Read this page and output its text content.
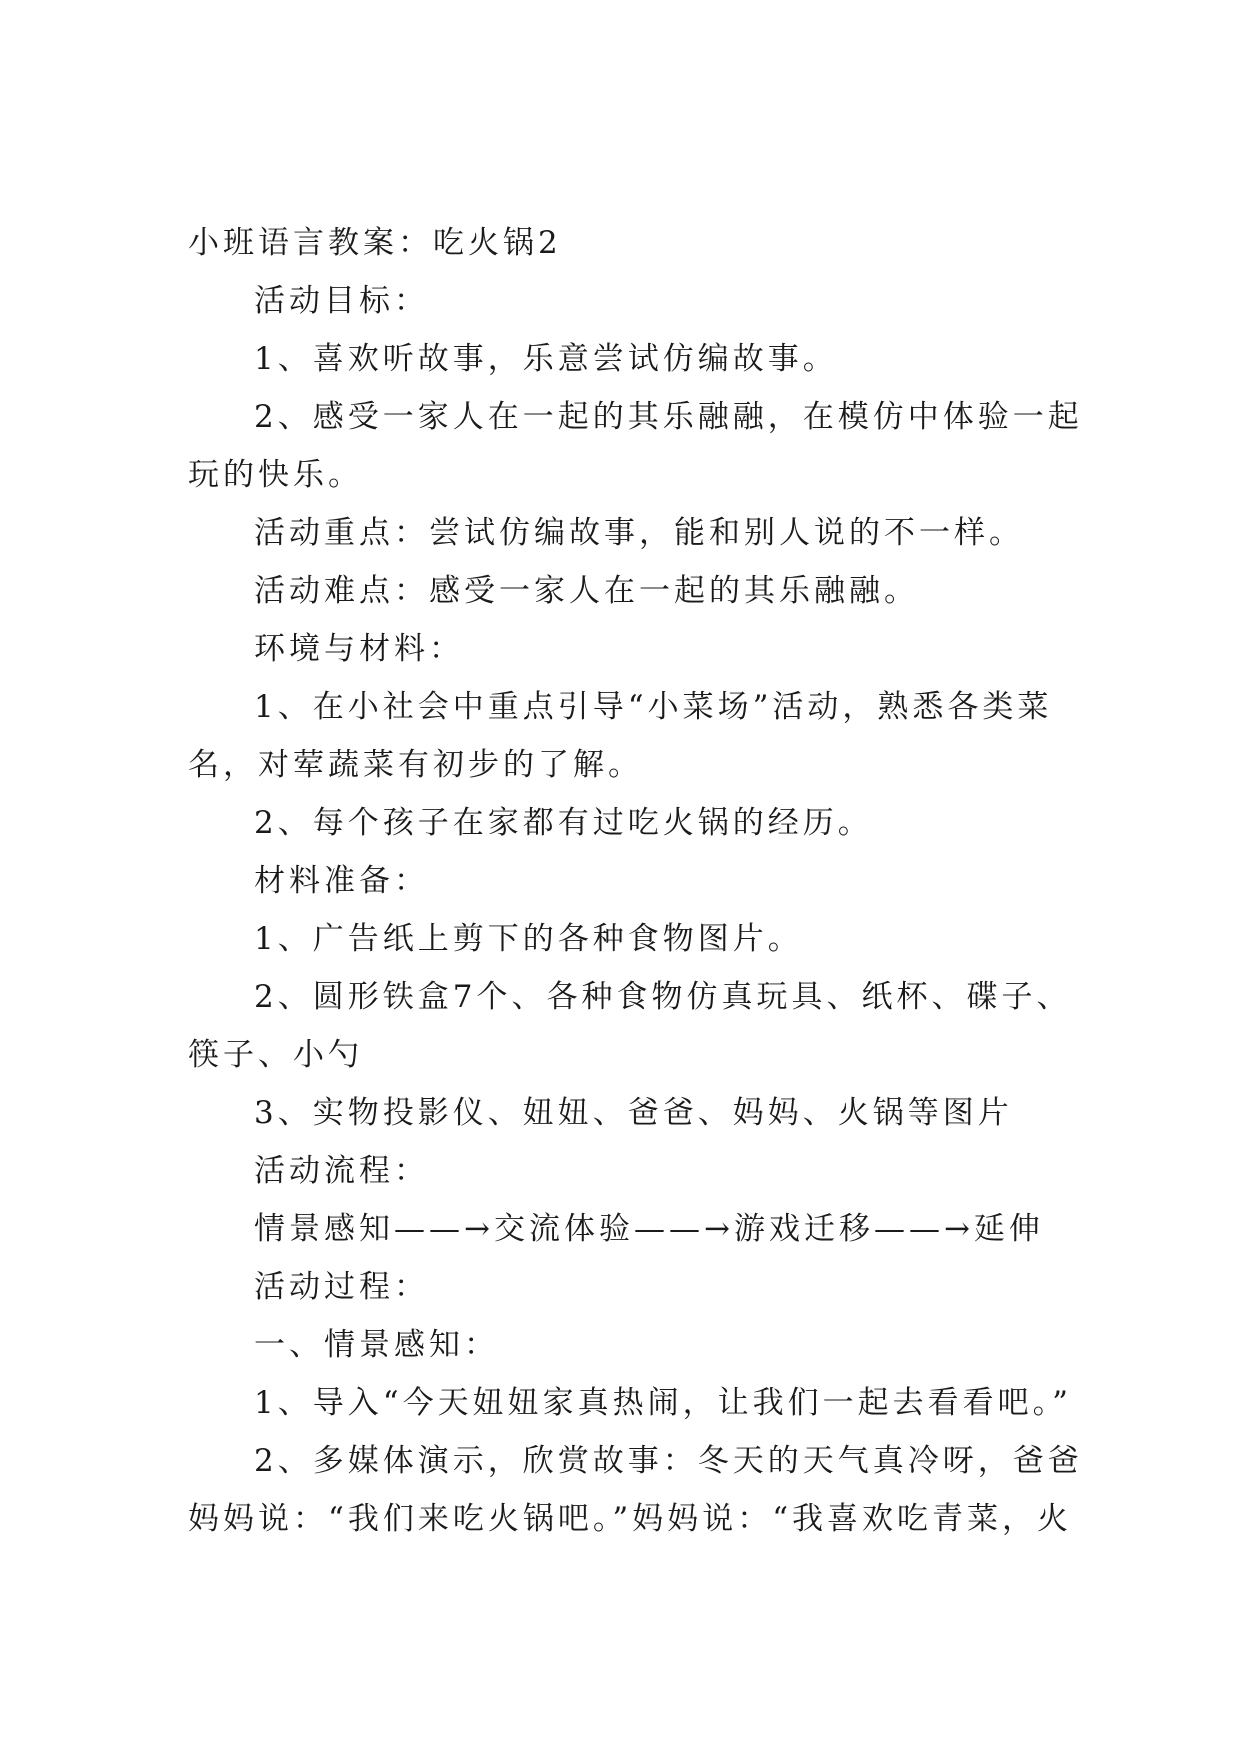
小班语言教案：吃火锅2
活动目标：
1、喜欢听故事，乐意尝试仿编故事。
2、感受一家人在一起的其乐融融，在模仿中体验一起
玩的快乐。
活动重点：尝试仿编故事，能和别人说的不一样。
活动难点：感受一家人在一起的其乐融融。
环境与材料：
1、在小社会中重点引导“小菜场”活动，熟悉各类菜
名，对荤蔬菜有初步的了解。
2、每个孩子在家都有过吃火锅的经历。
材料准备：
1、广告纸上剪下的各种食物图片。
2、圆形铁盒7个、各种食物仿真玩具、纸杯、碟子、
筷子、小勺
3、实物投影仪、妞妞、爸爸、妈妈、火锅等图片
活动流程：
情景感知——→交流体验——→游戏迁移——→延伸
活动过程：
一、情景感知：
1、导入“今天妞妞家真热闹，让我们一起去看看吧。”
2、多媒体演示，欣赏故事：冬天的天气真冷呀，爸爸
妈妈说：“我们来吃火锅吧。”妈妈说：“我喜欢吃青菜，火
